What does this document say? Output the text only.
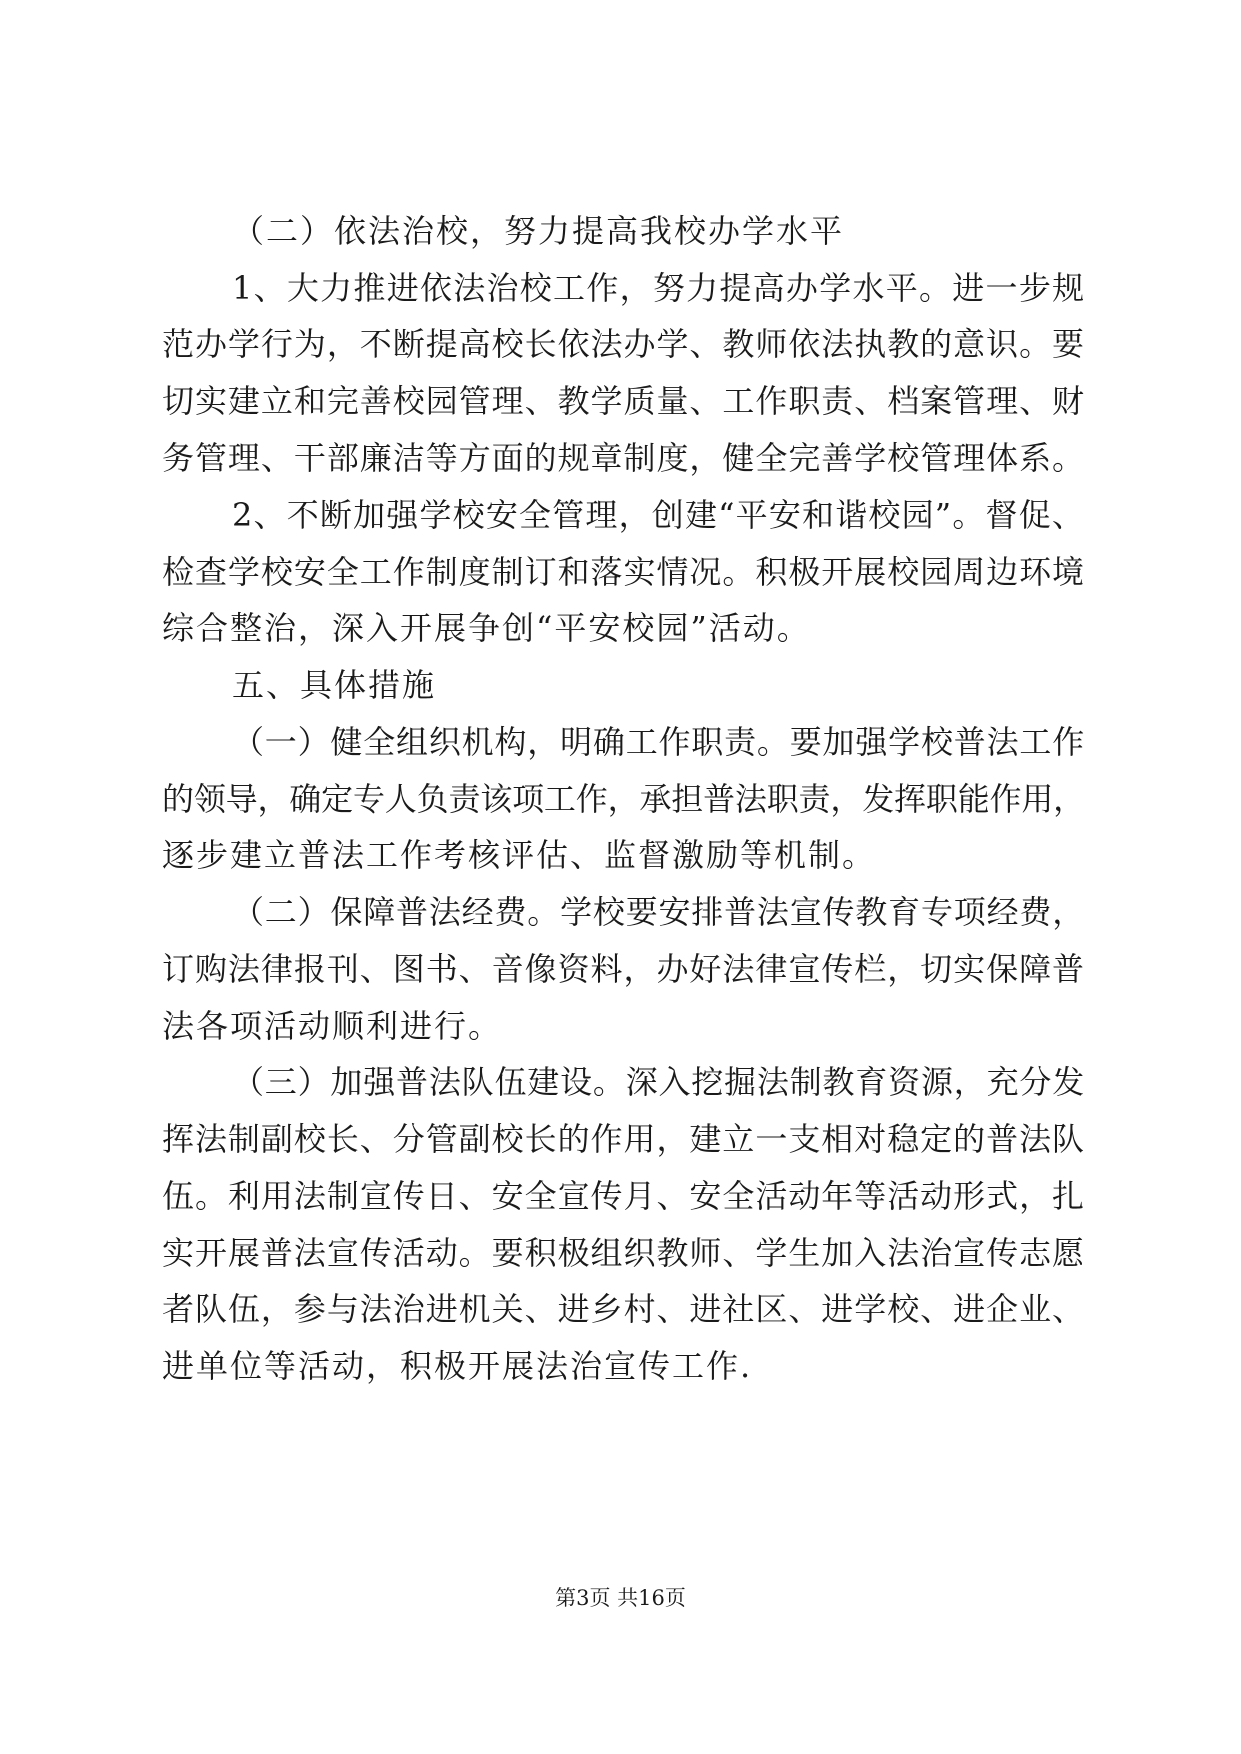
（二）依法治校，努力提高我校办学水平
1、大力推进依法治校工作，努力提高办学水平。进一步规
范办学行为，不断提高校长依法办学、教师依法执教的意识。要
切实建立和完善校园管理、教学质量、工作职责、档案管理、财
务管理、干部廉洁等方面的规章制度，健全完善学校管理体系。
2、不断加强学校安全管理，创建“平安和谐校园”。督促、
检查学校安全工作制度制订和落实情况。积极开展校园周边环境
综合整治，深入开展争创“平安校园”活动。
五、具体措施
（一）健全组织机构，明确工作职责。要加强学校普法工作
的领导，确定专人负责该项工作，承担普法职责，发挥职能作用，
逐步建立普法工作考核评估、监督激励等机制。
（二）保障普法经费。学校要安排普法宣传教育专项经费，
订购法律报刊、图书、音像资料，办好法律宣传栏，切实保障普
法各项活动顺利进行。
（三）加强普法队伍建设。深入挖掘法制教育资源，充分发
挥法制副校长、分管副校长的作用，建立一支相对稳定的普法队
伍。利用法制宣传日、安全宣传月、安全活动年等活动形式，扎
实开展普法宣传活动。要积极组织教师、学生加入法治宣传志愿
者队伍，参与法治进机关、进乡村、进社区、进学校、进企业、
进单位等活动，积极开展法治宣传工作.
第3页 共16页
